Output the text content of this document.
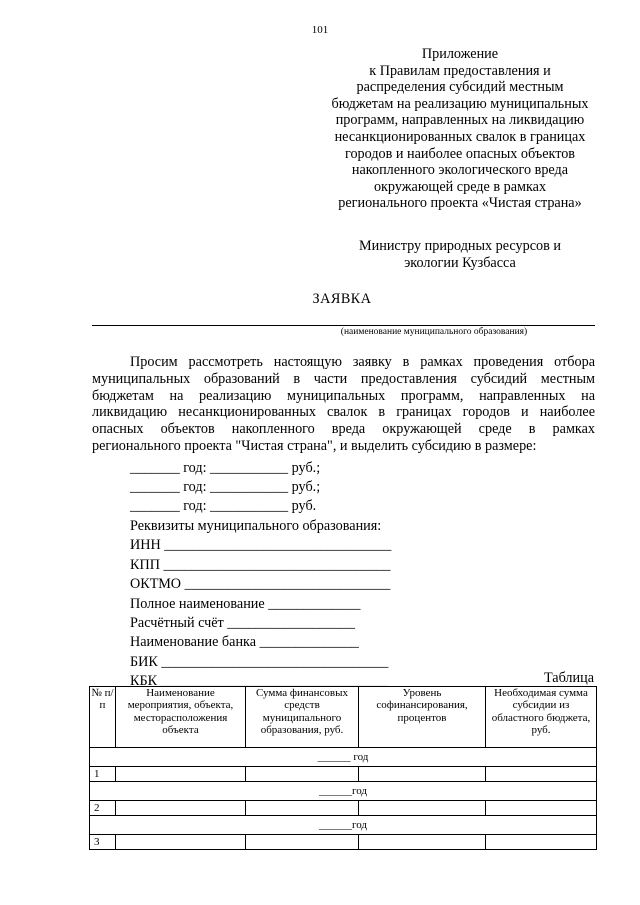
101
Приложение
к Правилам предоставления и
распределения субсидий местным
бюджетам на реализацию муниципальных
программ, направленных на ликвидацию
несанкционированных свалок в границах
городов и наиболее опасных объектов
накопленного экологического вреда
окружающей среде в рамках
регионального проекта «Чистая страна»
Министру природных ресурсов и
экологии Кузбасса
ЗАЯВКА
(наименование муниципального образования)
Просим рассмотреть настоящую заявку в рамках проведения отбора
муниципальных образований в части предоставления субсидий местным
бюджетам на реализацию муниципальных программ, направленных на
ликвидацию несанкционированных свалок в границах городов и наиболее
опасных объектов накопленного вреда окружающей среде в рамках
регионального проекта "Чистая страна", и выделить субсидию в размере:
_______ год: ___________ руб.;
_______ год: ___________ руб.;
_______ год: ___________ руб.
Реквизиты муниципального образования:
ИНН ________________________________
КПП ________________________________
ОКТМО _____________________________
Полное наименование _____________
Расчётный счёт __________________
Наименование банка ______________
БИК ________________________________
КБК ________________________________	Таблица
№ п/п	Наименование мероприятия, объекта, месторасположения объекта	Сумма финансовых средств муниципального образования, руб.	Уровень софинансирования, процентов	Необходимая сумма субсидии из областного бюджета, руб.
______ год				
1				
______год				
2				
______год				
3				
